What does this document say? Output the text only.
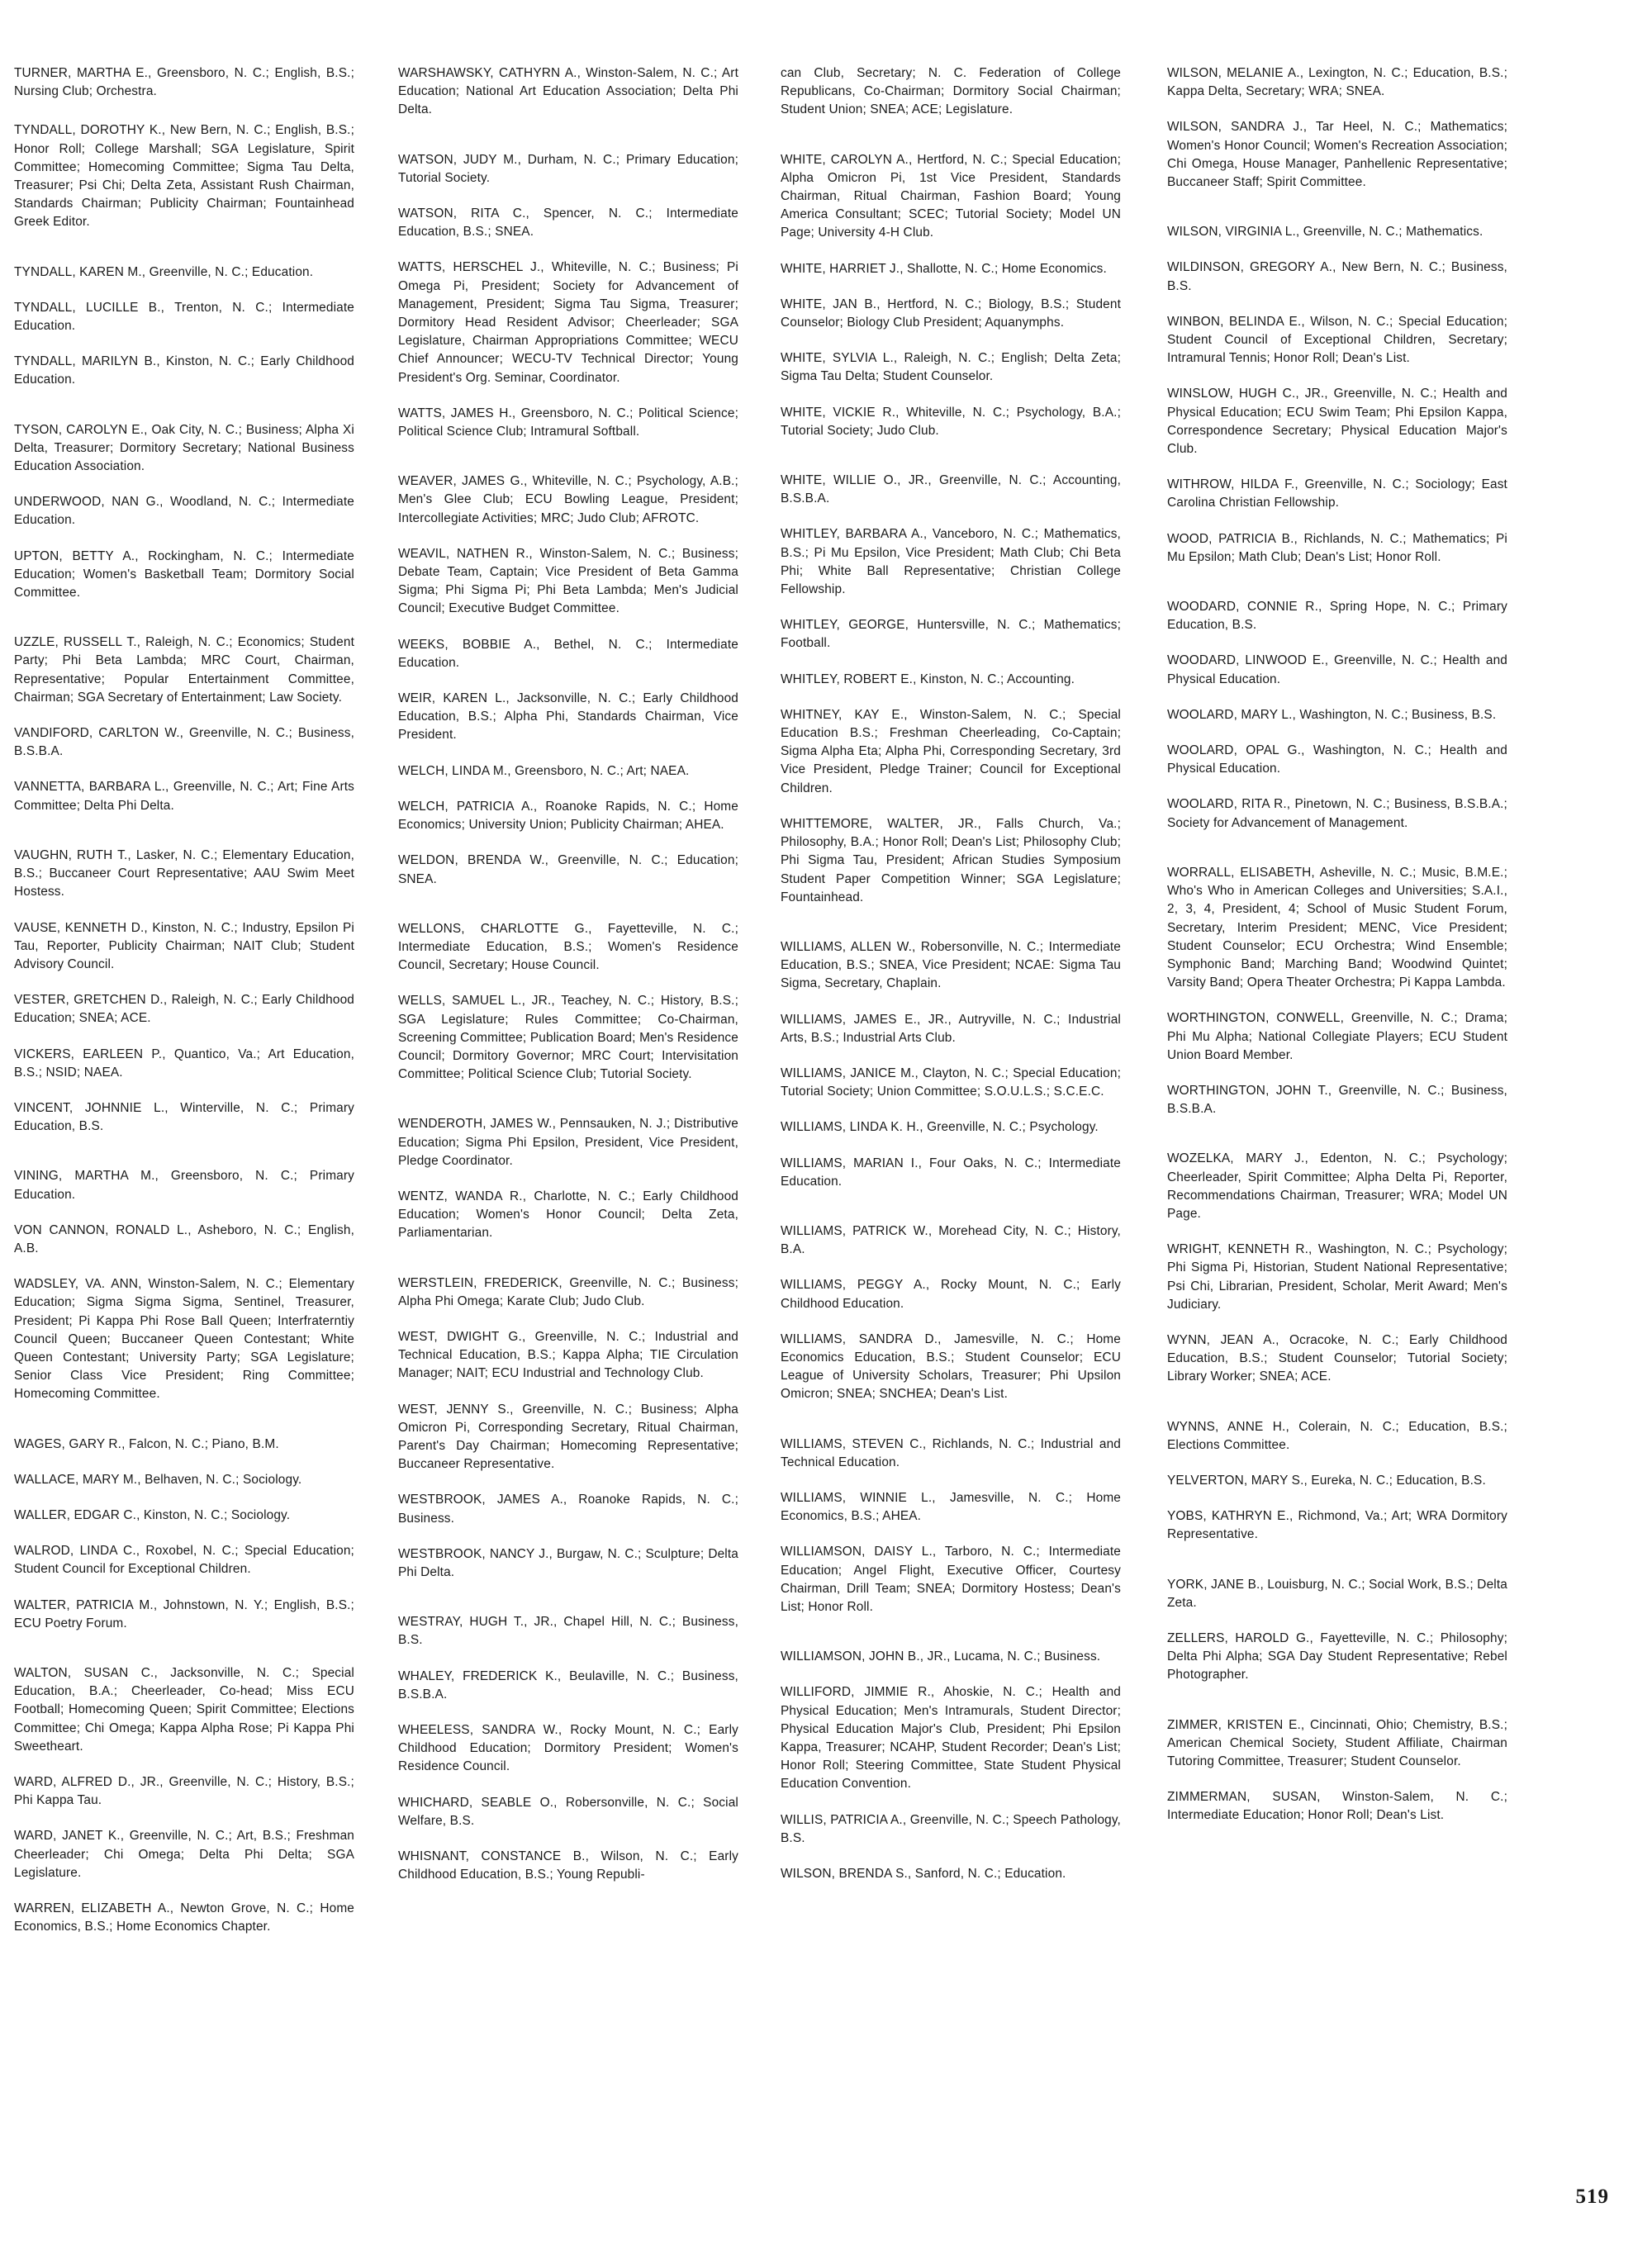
TURNER, MARTHA E., Greensboro, N. C.; English, B.S.; Nursing Club; Orchestra.
TYNDALL, DOROTHY K., New Bern, N. C.; English, B.S.; Honor Roll; College Marshall; SGA Legislature, Spirit Committee; Homecoming Committee; Sigma Tau Delta, Treasurer; Psi Chi; Delta Zeta, Assistant Rush Chairman, Standards Chairman; Publicity Chairman; Fountainhead Greek Editor.
TYNDALL, KAREN M., Greenville, N. C.; Education.
TYNDALL, LUCILLE B., Trenton, N. C.; Intermediate Education.
TYNDALL, MARILYN B., Kinston, N. C.; Early Childhood Education.
TYSON, CAROLYN E., Oak City, N. C.; Business; Alpha Xi Delta, Treasurer; Dormitory Secretary; National Business Education Association.
UNDERWOOD, NAN G., Woodland, N. C.; Intermediate Education.
UPTON, BETTY A., Rockingham, N. C.; Intermediate Education; Women's Basketball Team; Dormitory Social Committee.
UZZLE, RUSSELL T., Raleigh, N. C.; Economics; Student Party; Phi Beta Lambda; MRC Court, Chairman, Representative; Popular Entertainment Committee, Chairman; SGA Secretary of Entertainment; Law Society.
VANDIFORD, CARLTON W., Greenville, N. C.; Business, B.S.B.A.
VANNETTA, BARBARA L., Greenville, N. C.; Art; Fine Arts Committee; Delta Phi Delta.
VAUGHN, RUTH T., Lasker, N. C.; Elementary Education, B.S.; Buccaneer Court Representative; AAU Swim Meet Hostess.
VAUSE, KENNETH D., Kinston, N. C.; Industry, Epsilon Pi Tau, Reporter, Publicity Chairman; NAIT Club; Student Advisory Council.
VESTER, GRETCHEN D., Raleigh, N. C.; Early Childhood Education; SNEA; ACE.
VICKERS, EARLEEN P., Quantico, Va.; Art Education, B.S.; NSID; NAEA.
VINCENT, JOHNNIE L., Winterville, N. C.; Primary Education, B.S.
VINING, MARTHA M., Greensboro, N. C.; Primary Education.
VON CANNON, RONALD L., Asheboro, N. C.; English, A.B.
WADSLEY, VA. ANN, Winston-Salem, N. C.; Elementary Education; Sigma Sigma Sigma, Sentinel, Treasurer, President; Pi Kappa Phi Rose Ball Queen; Interfraterntiy Council Queen; Buccaneer Queen Contestant; White Queen Contestant; University Party; SGA Legislature; Senior Class Vice President; Ring Committee; Homecoming Committee.
WAGES, GARY R., Falcon, N. C.; Piano, B.M.
WALLACE, MARY M., Belhaven, N. C.; Sociology.
WALLER, EDGAR C., Kinston, N. C.; Sociology.
WALROD, LINDA C., Roxobel, N. C.; Special Education; Student Council for Exceptional Children.
WALTER, PATRICIA M., Johnstown, N. Y.; English, B.S.; ECU Poetry Forum.
WALTON, SUSAN C., Jacksonville, N. C.; Special Education, B.A.; Cheerleader, Co-head; Miss ECU Football; Homecoming Queen; Spirit Committee; Elections Committee; Chi Omega; Kappa Alpha Rose; Pi Kappa Phi Sweetheart.
WARD, ALFRED D., JR., Greenville, N. C.; History, B.S.; Phi Kappa Tau.
WARD, JANET K., Greenville, N. C.; Art, B.S.; Freshman Cheerleader; Chi Omega; Delta Phi Delta; SGA Legislature.
WARREN, ELIZABETH A., Newton Grove, N. C.; Home Economics, B.S.; Home Economics Chapter.
WARSHAWSKY, CATHYRN A., Winston-Salem, N. C.; Art Education; National Art Education Association; Delta Phi Delta.
WATSON, JUDY M., Durham, N. C.; Primary Education; Tutorial Society.
WATSON, RITA C., Spencer, N. C.; Intermediate Education, B.S.; SNEA.
WATTS, HERSCHEL J., Whiteville, N. C.; Business; Pi Omega Pi, President; Society for Advancement of Management, President; Sigma Tau Sigma, Treasurer; Dormitory Head Resident Advisor; Cheerleader; SGA Legislature, Chairman Appropriations Committee; WECU Chief Announcer; WECU-TV Technical Director; Young President's Org. Seminar, Coordinator.
WATTS, JAMES H., Greensboro, N. C.; Political Science; Political Science Club; Intramural Softball.
WEAVER, JAMES G., Whiteville, N. C.; Psychology, A.B.; Men's Glee Club; ECU Bowling League, President; Intercollegiate Activities; MRC; Judo Club; AFROTC.
WEAVIL, NATHEN R., Winston-Salem, N. C.; Business; Debate Team, Captain; Vice President of Beta Gamma Sigma; Phi Sigma Pi; Phi Beta Lambda; Men's Judicial Council; Executive Budget Committee.
WEEKS, BOBBIE A., Bethel, N. C.; Intermediate Education.
WEIR, KAREN L., Jacksonville, N. C.; Early Childhood Education, B.S.; Alpha Phi, Standards Chairman, Vice President.
WELCH, LINDA M., Greensboro, N. C.; Art; NAEA.
WELCH, PATRICIA A., Roanoke Rapids, N. C.; Home Economics; University Union; Publicity Chairman; AHEA.
WELDON, BRENDA W., Greenville, N. C.; Education; SNEA.
WELLONS, CHARLOTTE G., Fayetteville, N. C.; Intermediate Education, B.S.; Women's Residence Council, Secretary; House Council.
WELLS, SAMUEL L., JR., Teachey, N. C.; History, B.S.; SGA Legislature; Rules Committee; Co-Chairman, Screening Committee; Publication Board; Men's Residence Council; Dormitory Governor; MRC Court; Intervisitation Committee; Political Science Club; Tutorial Society.
WENDEROTH, JAMES W., Pennsauken, N. J.; Distributive Education; Sigma Phi Epsilon, President, Vice President, Pledge Coordinator.
WENTZ, WANDA R., Charlotte, N. C.; Early Childhood Education; Women's Honor Council; Delta Zeta, Parliamentarian.
WERSTLEIN, FREDERICK, Greenville, N. C.; Business; Alpha Phi Omega; Karate Club; Judo Club.
WEST, DWIGHT G., Greenville, N. C.; Industrial and Technical Education, B.S.; Kappa Alpha; TIE Circulation Manager; NAIT; ECU Industrial and Technology Club.
WEST, JENNY S., Greenville, N. C.; Business; Alpha Omicron Pi, Corresponding Secretary, Ritual Chairman, Parent's Day Chairman; Homecoming Representative; Buccaneer Representative.
WESTBROOK, JAMES A., Roanoke Rapids, N. C.; Business.
WESTBROOK, NANCY J., Burgaw, N. C.; Sculpture; Delta Phi Delta.
WESTRAY, HUGH T., JR., Chapel Hill, N. C.; Business, B.S.
WHALEY, FREDERICK K., Beulaville, N. C.; Business, B.S.B.A.
WHEELESS, SANDRA W., Rocky Mount, N. C.; Early Childhood Education; Dormitory President; Women's Residence Council.
WHICHARD, SEABLE O., Robersonville, N. C.; Social Welfare, B.S.
WHISNANT, CONSTANCE B., Wilson, N. C.; Early Childhood Education, B.S.; Young Republi-
can Club, Secretary; N. C. Federation of College Republicans, Co-Chairman; Dormitory Social Chairman; Student Union; SNEA; ACE; Legislature.
WHITE, CAROLYN A., Hertford, N. C.; Special Education; Alpha Omicron Pi, 1st Vice President, Standards Chairman, Ritual Chairman, Fashion Board; Young America Consultant; SCEC; Tutorial Society; Model UN Page; University 4-H Club.
WHITE, HARRIET J., Shallotte, N. C.; Home Economics.
WHITE, JAN B., Hertford, N. C.; Biology, B.S.; Student Counselor; Biology Club President; Aquanymphs.
WHITE, SYLVIA L., Raleigh, N. C.; English; Delta Zeta; Sigma Tau Delta; Student Counselor.
WHITE, VICKIE R., Whiteville, N. C.; Psychology, B.A.; Tutorial Society; Judo Club.
WHITE, WILLIE O., JR., Greenville, N. C.; Accounting, B.S.B.A.
WHITLEY, BARBARA A., Vanceboro, N. C.; Mathematics, B.S.; Pi Mu Epsilon, Vice President; Math Club; Chi Beta Phi; White Ball Representative; Christian College Fellowship.
WHITLEY, GEORGE, Huntersville, N. C.; Mathematics; Football.
WHITLEY, ROBERT E., Kinston, N. C.; Accounting.
WHITNEY, KAY E., Winston-Salem, N. C.; Special Education B.S.; Freshman Cheerleading, Co-Captain; Sigma Alpha Eta; Alpha Phi, Corresponding Secretary, 3rd Vice President, Pledge Trainer; Council for Exceptional Children.
WHITTEMORE, WALTER, JR., Falls Church, Va.; Philosophy, B.A.; Honor Roll; Dean's List; Philosophy Club; Phi Sigma Tau, President; African Studies Symposium Student Paper Competition Winner; SGA Legislature; Fountainhead.
WILLIAMS, ALLEN W., Robersonville, N. C.; Intermediate Education, B.S.; SNEA, Vice President; NCAE: Sigma Tau Sigma, Secretary, Chaplain.
WILLIAMS, JAMES E., JR., Autryville, N. C.; Industrial Arts, B.S.; Industrial Arts Club.
WILLIAMS, JANICE M., Clayton, N. C.; Special Education; Tutorial Society; Union Committee; S.O.U.L.S.; S.C.E.C.
WILLIAMS, LINDA K. H., Greenville, N. C.; Psychology.
WILLIAMS, MARIAN I., Four Oaks, N. C.; Intermediate Education.
WILLIAMS, PATRICK W., Morehead City, N. C.; History, B.A.
WILLIAMS, PEGGY A., Rocky Mount, N. C.; Early Childhood Education.
WILLIAMS, SANDRA D., Jamesville, N. C.; Home Economics Education, B.S.; Student Counselor; ECU League of University Scholars, Treasurer; Phi Upsilon Omicron; SNEA; SNCHEA; Dean's List.
WILLIAMS, STEVEN C., Richlands, N. C.; Industrial and Technical Education.
WILLIAMS, WINNIE L., Jamesville, N. C.; Home Economics, B.S.; AHEA.
WILLIAMSON, DAISY L., Tarboro, N. C.; Intermediate Education; Angel Flight, Executive Officer, Courtesy Chairman, Drill Team; SNEA; Dormitory Hostess; Dean's List; Honor Roll.
WILLIAMSON, JOHN B., JR., Lucama, N. C.; Business.
WILLIFORD, JIMMIE R., Ahoskie, N. C.; Health and Physical Education; Men's Intramurals, Student Director; Physical Education Major's Club, President; Phi Epsilon Kappa, Treasurer; NCAHP, Student Recorder; Dean's List; Honor Roll; Steering Committee, State Student Physical Education Convention.
WILLIS, PATRICIA A., Greenville, N. C.; Speech Pathology, B.S.
WILSON, BRENDA S., Sanford, N. C.; Education.
WILSON, MELANIE A., Lexington, N. C.; Education, B.S.; Kappa Delta, Secretary; WRA; SNEA.
WILSON, SANDRA J., Tar Heel, N. C.; Mathematics; Women's Honor Council; Women's Recreation Association; Chi Omega, House Manager, Panhellenic Representative; Buccaneer Staff; Spirit Committee.
WILSON, VIRGINIA L., Greenville, N. C.; Mathematics.
WILDINSON, GREGORY A., New Bern, N. C.; Business, B.S.
WINBON, BELINDA E., Wilson, N. C.; Special Education; Student Council of Exceptional Children, Secretary; Intramural Tennis; Honor Roll; Dean's List.
WINSLOW, HUGH C., JR., Greenville, N. C.; Health and Physical Education; ECU Swim Team; Phi Epsilon Kappa, Correspondence Secretary; Physical Education Major's Club.
WITHROW, HILDA F., Greenville, N. C.; Sociology; East Carolina Christian Fellowship.
WOOD, PATRICIA B., Richlands, N. C.; Mathematics; Pi Mu Epsilon; Math Club; Dean's List; Honor Roll.
WOODARD, CONNIE R., Spring Hope, N. C.; Primary Education, B.S.
WOODARD, LINWOOD E., Greenville, N. C.; Health and Physical Education.
WOOLARD, MARY L., Washington, N. C.; Business, B.S.
WOOLARD, OPAL G., Washington, N. C.; Health and Physical Education.
WOOLARD, RITA R., Pinetown, N. C.; Business, B.S.B.A.; Society for Advancement of Management.
WORRALL, ELISABETH, Asheville, N. C.; Music, B.M.E.; Who's Who in American Colleges and Universities; S.A.I., 2, 3, 4, President, 4; School of Music Student Forum, Secretary, Interim President; MENC, Vice President; Student Counselor; ECU Orchestra; Wind Ensemble; Symphonic Band; Marching Band; Woodwind Quintet; Varsity Band; Opera Theater Orchestra; Pi Kappa Lambda.
WORTHINGTON, CONWELL, Greenville, N. C.; Drama; Phi Mu Alpha; National Collegiate Players; ECU Student Union Board Member.
WORTHINGTON, JOHN T., Greenville, N. C.; Business, B.S.B.A.
WOZELKA, MARY J., Edenton, N. C.; Psychology; Cheerleader, Spirit Committee; Alpha Delta Pi, Reporter, Recommendations Chairman, Treasurer; WRA; Model UN Page.
WRIGHT, KENNETH R., Washington, N. C.; Psychology; Phi Sigma Pi, Historian, Student National Representative; Psi Chi, Librarian, President, Scholar, Merit Award; Men's Judiciary.
WYNN, JEAN A., Ocracoke, N. C.; Early Childhood Education, B.S.; Student Counselor; Tutorial Society; Library Worker; SNEA; ACE.
WYNNS, ANNE H., Colerain, N. C.; Education, B.S.; Elections Committee.
YELVERTON, MARY S., Eureka, N. C.; Education, B.S.
YOBS, KATHRYN E., Richmond, Va.; Art; WRA Dormitory Representative.
YORK, JANE B., Louisburg, N. C.; Social Work, B.S.; Delta Zeta.
ZELLERS, HAROLD G., Fayetteville, N. C.; Philosophy; Delta Phi Alpha; SGA Day Student Representative; Rebel Photographer.
ZIMMER, KRISTEN E., Cincinnati, Ohio; Chemistry, B.S.; American Chemical Society, Student Affiliate, Chairman Tutoring Committee, Treasurer; Student Counselor.
ZIMMERMAN, SUSAN, Winston-Salem, N. C.; Intermediate Education; Honor Roll; Dean's List.
519
